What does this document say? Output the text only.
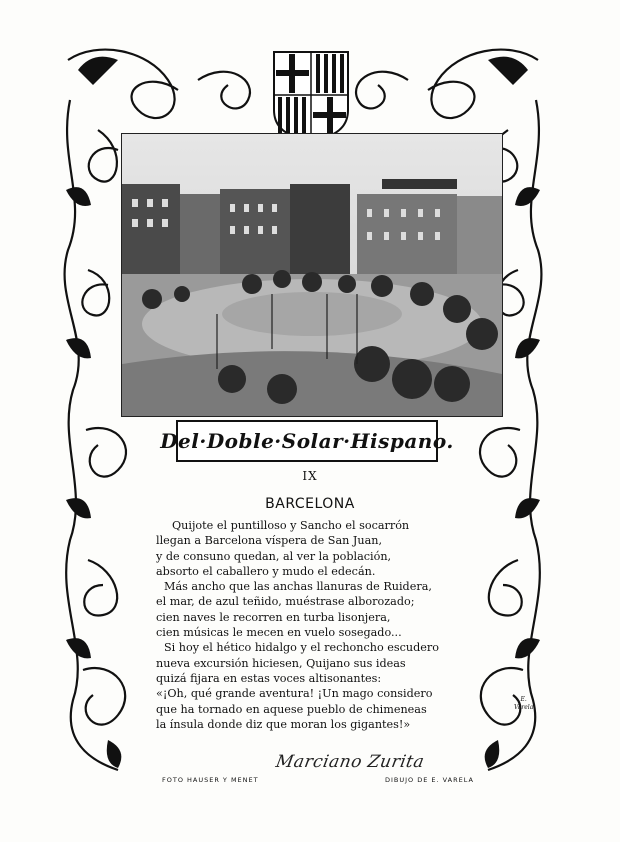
Del·Doble·Solar·Hispano.
IX
BARCELONA
Quijote el puntilloso y Sancho el socarrón
llegan a Barcelona víspera de San Juan,
y de consuno quedan, al ver la población,
absorto el caballero y mudo el edecán.
Más ancho que las anchas llanuras de Ruidera,
el mar, de azul teñido, muéstrase alborozado;
cien naves le recorren en turba lisonjera,
cien músicas le mecen en vuelo sosegado...
Si hoy el hético hidalgo y el rechoncho escudero
nueva excursión hiciesen, Quijano sus ideas
quizá fijara en estas voces altisonantes:
«¡Oh, qué grande aventura! ¡Un mago considero
que ha tornado en aquese pueblo de chimeneas
la ínsula donde diz que moran los gigantes!»
Marciano Zurita
E.
Varela
FOTO HAUSER Y MENET	DIBUJO DE E. VARELA
